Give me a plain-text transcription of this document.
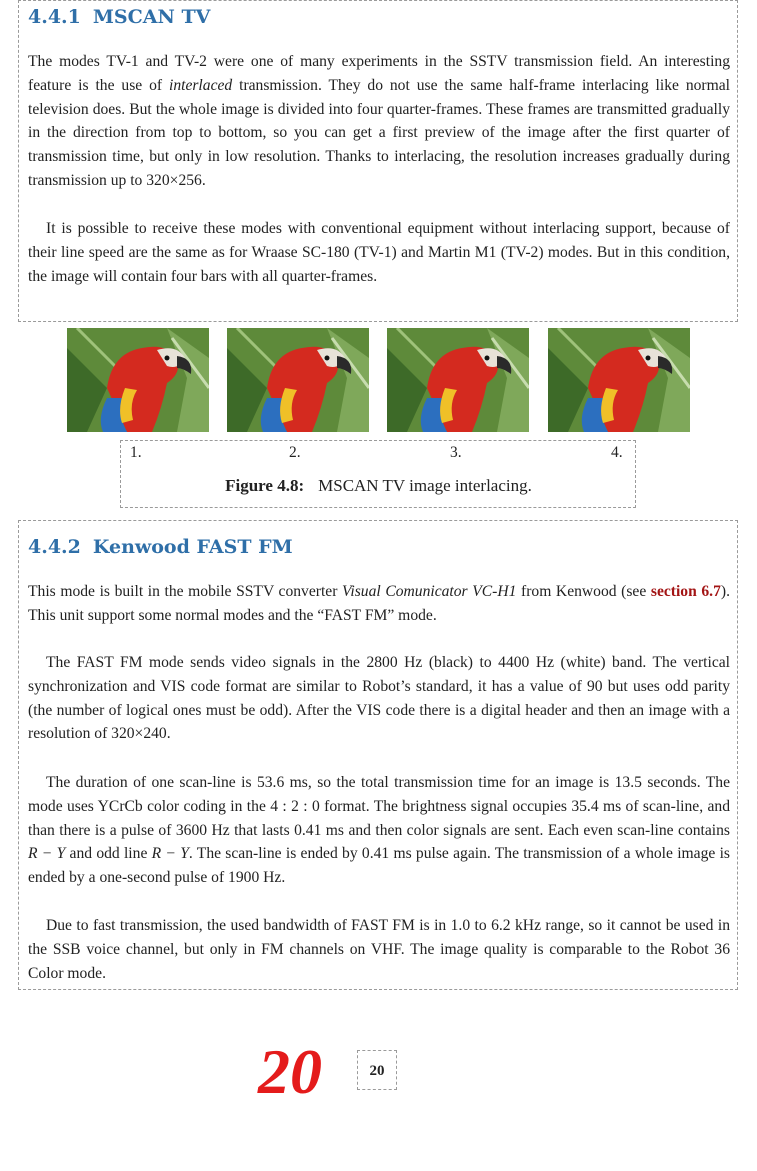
4.4.1 MSCAN TV

The modes TV-1 and TV-2 were one of many experiments in the SSTV transmission field. An interesting feature is the use of interlaced transmission. They do not use the same half-frame interlacing like normal television does. But the whole image is divided into four quarter-frames. These frames are transmitted gradually in the direction from top to bottom, so you can get a first preview of the image after the first quarter of transmission time, but only in low resolution. Thanks to interlacing, the resolution increases gradually during transmission up to 320×256.

It is possible to receive these modes with conventional equipment without interlacing support, because of their line speed are the same as for Wraase SC-180 (TV-1) and Martin M1 (TV-2) modes. But in this condition, the image will contain four bars with all quarter-frames.

1.	2.	3.	4.
Figure 4.8: MSCAN TV image interlacing.
4.4.2 Kenwood FAST FM

This mode is built in the mobile SSTV converter Visual Comunicator VC-H1 from Kenwood (see section 6.7). This unit support some normal modes and the “FAST FM” mode.

The FAST FM mode sends video signals in the 2800 Hz (black) to 4400 Hz (white) band. The vertical synchronization and VIS code format are similar to Robot’s standard, it has a value of 90 but uses odd parity (the number of logical ones must be odd). After the VIS code there is a digital header and then an image with a resolution of 320×240.

The duration of one scan-line is 53.6 ms, so the total transmission time for an image is 13.5 seconds. The mode uses YCrCb color coding in the 4 : 2 : 0 format. The brightness signal occupies 35.4 ms of scan-line, and than there is a pulse of 3600 Hz that lasts 0.41 ms and then color signals are sent. Each even scan-line contains R − Y and odd line R − Y. The scan-line is ended by 0.41 ms pulse again. The transmission of a whole image is ended by a one-second pulse of 1900 Hz.

Due to fast transmission, the used bandwidth of FAST FM is in 1.0 to 6.2 kHz range, so it cannot be used in the SSB voice channel, but only in FM channels on VHF. The image quality is comparable to the Robot 36 Color mode.

20	20
